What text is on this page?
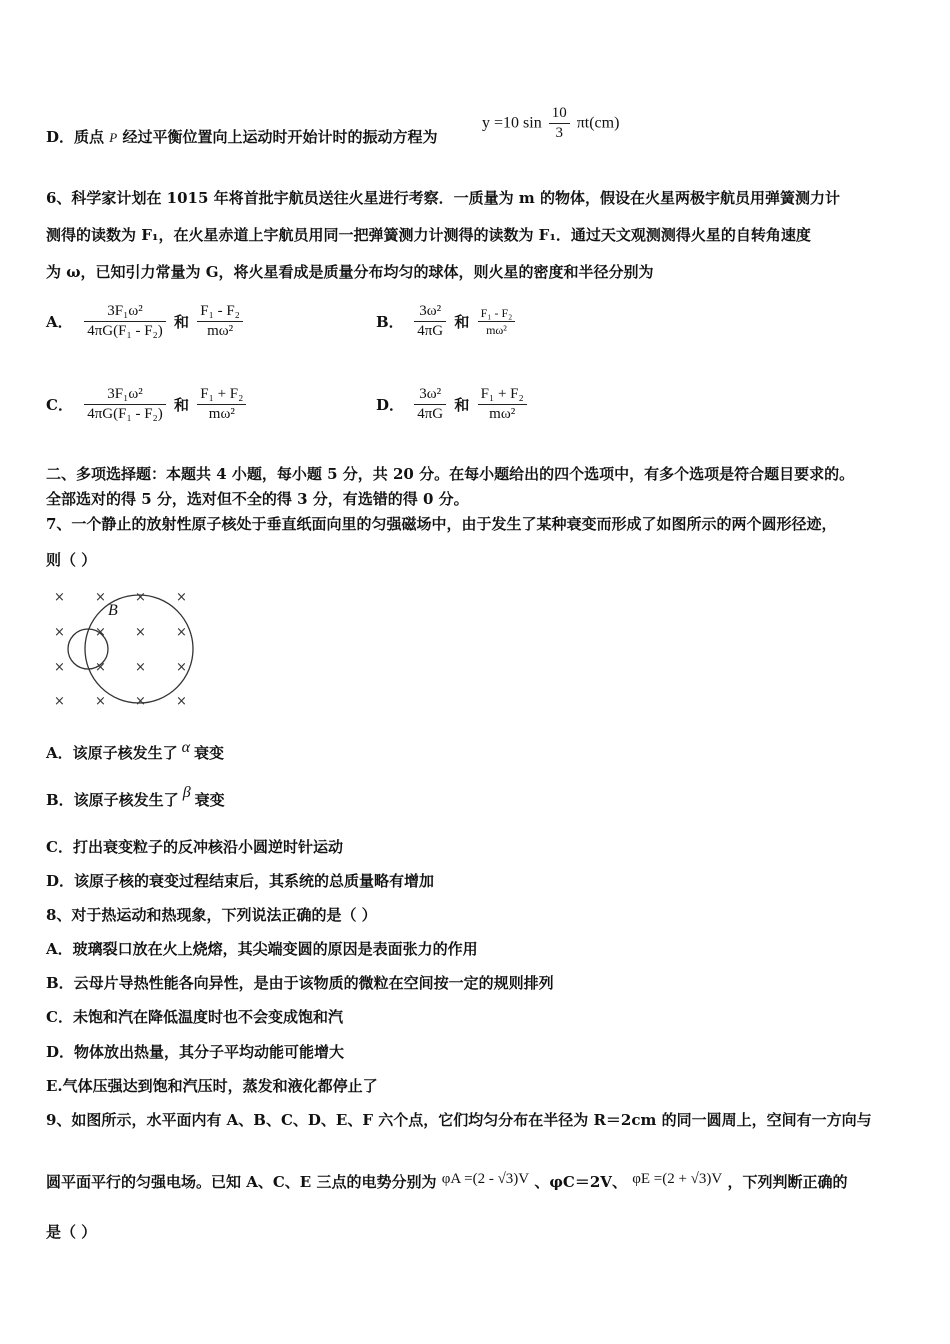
D．质点 P 经过平衡位置向上运动时开始计时的振动方程为
y =10 $\sin \frac{10}{3} \pi t(cm)$
6、科学家计划在 1015 年将首批宇航员送往火星进行考察．一质量为 m 的物体，假设在火星两极宇航员用弹簧测力计
测得的读数为 F₁，在火星赤道上宇航员用同一把弹簧测力计测得的读数为 F₁．通过天文观测测得火星的自转角速度
为 ω，已知引力常量为 G，将火星看成是质量分布均匀的球体，则火星的密度和半径分别为
A． $\frac{\text{3F₁ω²}}{\text{4πG(F₁ - F₂)}}$ 和 $\frac{\text{F₁ - F₂}}{\text{mω²}}$	B． $\frac{\text{3ω²}}{4\pi G}$ 和 $\frac{\text{F₁ - F₂}}{\text{mω²}}$
C． $\frac{\text{3F₁ω²}}{\text{4πG(F₁ - F₂)}}$ 和 $\frac{\text{F₁ + F₂}}{\text{mω²}}$	D． $\frac{\text{3ω²}}{4\pi G}$ 和 $\frac{\text{F₁ + F₂}}{\text{mω²}}$
二、多项选择题：本题共 4 小题，每小题 5 分，共 20 分。在每小题给出的四个选项中，有多个选项是符合题目要求的。
全部选对的得 5 分，选对但不全的得 3 分，有选错的得 0 分。
7、一个静止的放射性原子核处于垂直纸面向里的匀强磁场中，由于发生了某种衰变而形成了如图所示的两个圆形径迹，
则（ ）
B
× × × ×
× × × ×
× × × ×
× × × ×
A．该原子核发生了 α 衰变
B．该原子核发生了 β 衰变
C．打出衰变粒子的反冲核沿小圆逆时针运动
D．该原子核的衰变过程结束后，其系统的总质量略有增加
8、对于热运动和热现象，下列说法正确的是（ ）
A．玻璃裂口放在火上烧熔，其尖端变圆的原因是表面张力的作用
B．云母片导热性能各向异性，是由于该物质的微粒在空间按一定的规则排列
C．未饱和汽在降低温度时也不会变成饱和汽
D．物体放出热量，其分子平均动能可能增大
E.气体压强达到饱和汽压时，蒸发和液化都停止了
9、如图所示，水平面内有 A、B、C、D、E、F 六个点，它们均匀分布在半径为 R＝2cm 的同一圆周上，空间有一方向与
圆平面平行的匀强电场。已知 A、C、E 三点的电势分别为 φA =(2 - √3)V 、φC＝2V、 φE =(2 + √3)V ，下列判断正确的
是（ ）
